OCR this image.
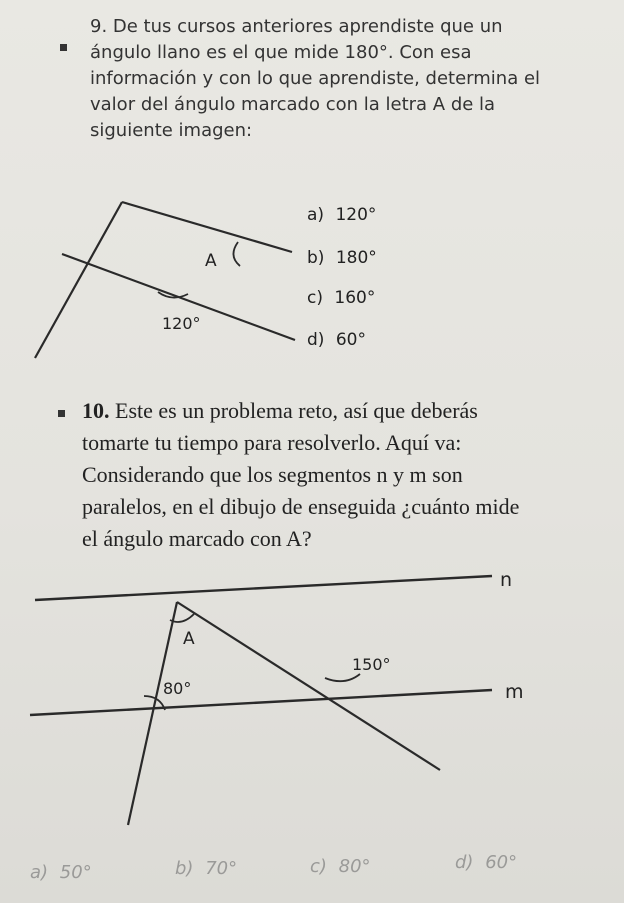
9. De tus cursos anteriores aprendiste que un
ángulo llano es el que mide 180°. Con esa
información y con lo que aprendiste, determina el
valor del ángulo marcado con la letra A de la
siguiente imagen:
A
120°
a) 120°
b) 180°
c) 160°
d) 60°
10. Este es un problema reto, así que deberás
tomarte tu tiempo para resolverlo. Aquí va:
Considerando que los segmentos n y m son
paralelos, en el dibujo de enseguida ¿cuánto mide
el ángulo marcado con A?
n
m
A
80°
150°
a) 50°	b) 70°	c) 80°	d) 60°
